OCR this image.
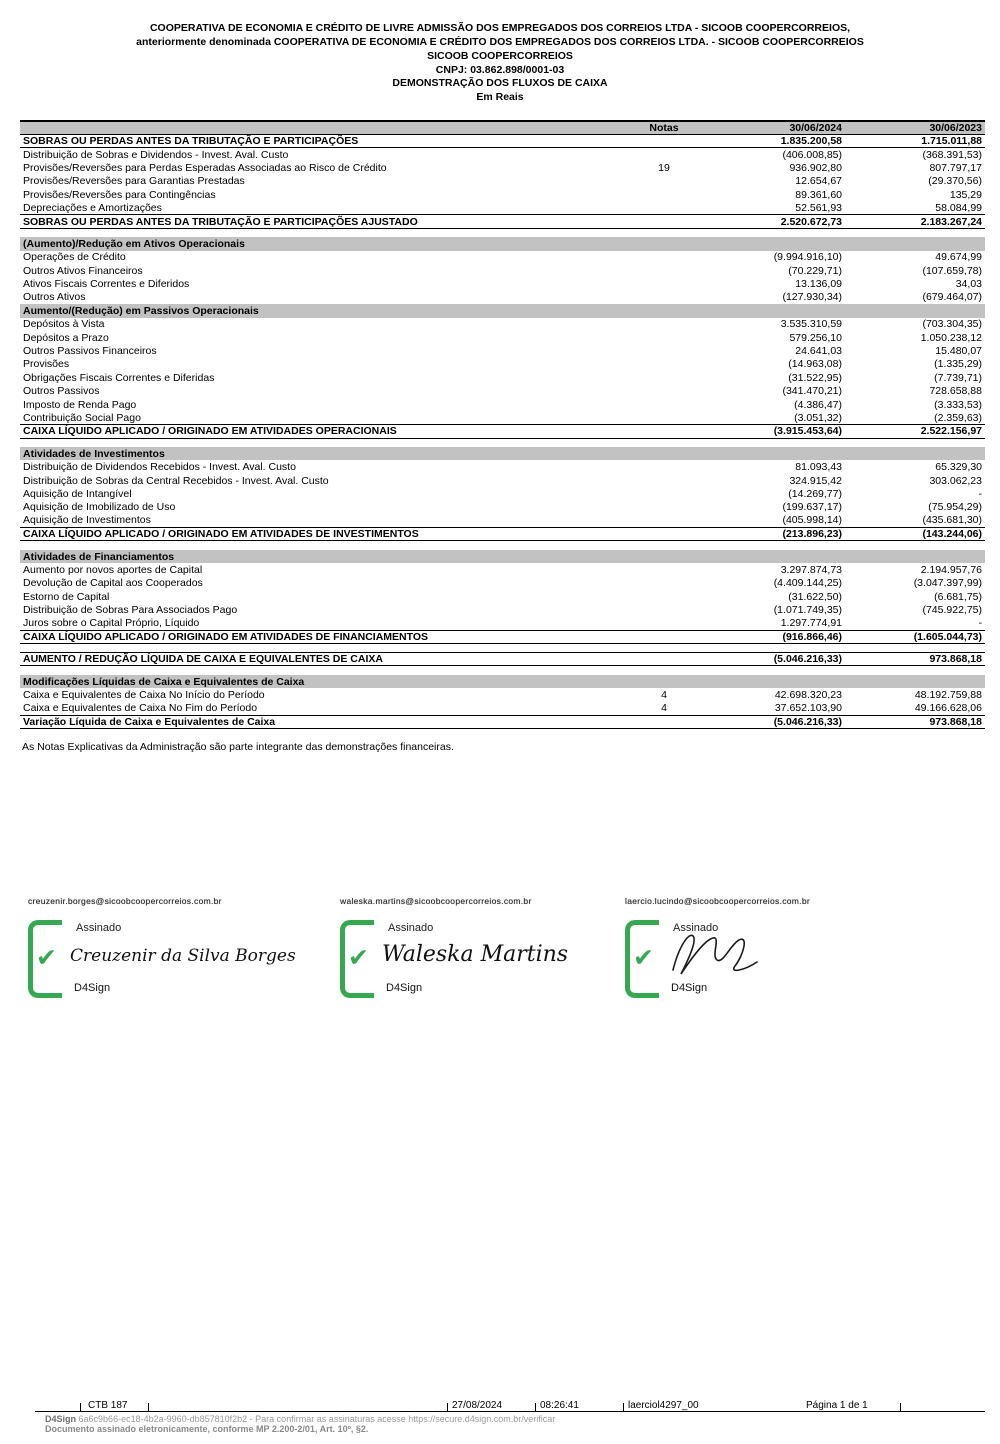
COOPERATIVA DE ECONOMIA E CRÉDITO DE LIVRE ADMISSÃO DOS EMPREGADOS DOS CORREIOS LTDA - SICOOB COOPERCORREIOS,
anteriormente denominada COOPERATIVA DE ECONOMIA E CRÉDITO DOS EMPREGADOS DOS CORREIOS LTDA. - SICOOB COOPERCORREIOS
SICOOB COOPERCORREIOS
CNPJ: 03.862.898/0001-03
DEMONSTRAÇÃO DOS FLUXOS DE CAIXA
Em Reais
	Notas	30/06/2024	30/06/2023
SOBRAS OU PERDAS ANTES DA TRIBUTAÇÃO E PARTICIPAÇÕES		1.835.200,58	1.715.011,88
Distribuição de Sobras e Dividendos - Invest. Aval. Custo		(406.008,85)	(368.391,53)
Provisões/Reversões para Perdas Esperadas Associadas ao Risco de Crédito	19	936.902,80	807.797,17
Provisões/Reversões para Garantias Prestadas		12.654,67	(29.370,56)
Provisões/Reversões para Contingências		89.361,60	135,29
Depreciações e Amortizações		52.561,93	58.084,99
SOBRAS OU PERDAS ANTES DA TRIBUTAÇÃO E PARTICIPAÇÕES AJUSTADO		2.520.672,73	2.183.267,24

(Aumento)/Redução em Ativos Operacionais			
Operações de Crédito		(9.994.916,10)	49.674,99
Outros Ativos Financeiros		(70.229,71)	(107.659,78)
Ativos Fiscais Correntes e Diferidos		13.136,09	34,03
Outros Ativos		(127.930,34)	(679.464,07)
Aumento/(Redução) em Passivos Operacionais			
Depósitos à Vista		3.535.310,59	(703.304,35)
Depósitos a Prazo		579.256,10	1.050.238,12
Outros Passivos Financeiros		24.641,03	15.480,07
Provisões		(14.963,08)	(1.335,29)
Obrigações Fiscais Correntes e Diferidas		(31.522,95)	(7.739,71)
Outros Passivos		(341.470,21)	728.658,88
Imposto de Renda Pago		(4.386,47)	(3.333,53)
Contribuição Social Pago		(3.051,32)	(2.359,63)
CAIXA LÍQUIDO APLICADO / ORIGINADO EM ATIVIDADES OPERACIONAIS		(3.915.453,64)	2.522.156,97

Atividades de Investimentos			
Distribuição de Dividendos Recebidos - Invest. Aval. Custo		81.093,43	65.329,30
Distribuição de Sobras da Central Recebidos - Invest. Aval. Custo		324.915,42	303.062,23
Aquisição de Intangível		(14.269,77)	-
Aquisição de Imobilizado de Uso		(199.637,17)	(75.954,29)
Aquisição de Investimentos		(405.998,14)	(435.681,30)
CAIXA LÍQUIDO APLICADO / ORIGINADO EM ATIVIDADES DE INVESTIMENTOS		(213.896,23)	(143.244,06)

Atividades de Financiamentos			
Aumento por novos aportes de Capital		3.297.874,73	2.194.957,76
Devolução de Capital aos Cooperados		(4.409.144,25)	(3.047.397,99)
Estorno de Capital		(31.622,50)	(6.681,75)
Distribuição de Sobras Para Associados Pago		(1.071.749,35)	(745.922,75)
Juros sobre o Capital Próprio, Líquido		1.297.774,91	-
CAIXA LÍQUIDO APLICADO / ORIGINADO EM ATIVIDADES DE FINANCIAMENTOS		(916.866,46)	(1.605.044,73)

AUMENTO / REDUÇÃO LÍQUIDA DE CAIXA E EQUIVALENTES DE CAIXA		(5.046.216,33)	973.868,18

Modificações Líquidas de Caixa e Equivalentes de Caixa			
Caixa e Equivalentes de Caixa No Início do Período	4	42.698.320,23	48.192.759,88
Caixa e Equivalentes de Caixa No Fim do Período	4	37.652.103,90	49.166.628,06
Variação Líquida de Caixa e Equivalentes de Caixa		(5.046.216,33)	973.868,18
As Notas Explicativas da Administração são parte integrante das demonstrações financeiras.
creuzenir.borges@sicoobcoopercorreios.com.br
✔
Assinado
Creuzenir da Silva Borges
D4Sign
waleska.martins@sicoobcoopercorreios.com.br
✔
Assinado
Waleska Martins
D4Sign
laercio.lucindo@sicoobcoopercorreios.com.br
✔
Assinado
D4Sign
CTB 187	27/08/2024	08:26:41	laerciol4297_00	Página 1 de 1
D4Sign 6a6c9b66-ec18-4b2a-9960-db857810f2b2 - Para confirmar as assinaturas acesse https://secure.d4sign.com.br/verificar
Documento assinado eletronicamente, conforme MP 2.200-2/01, Art. 10º, §2.
